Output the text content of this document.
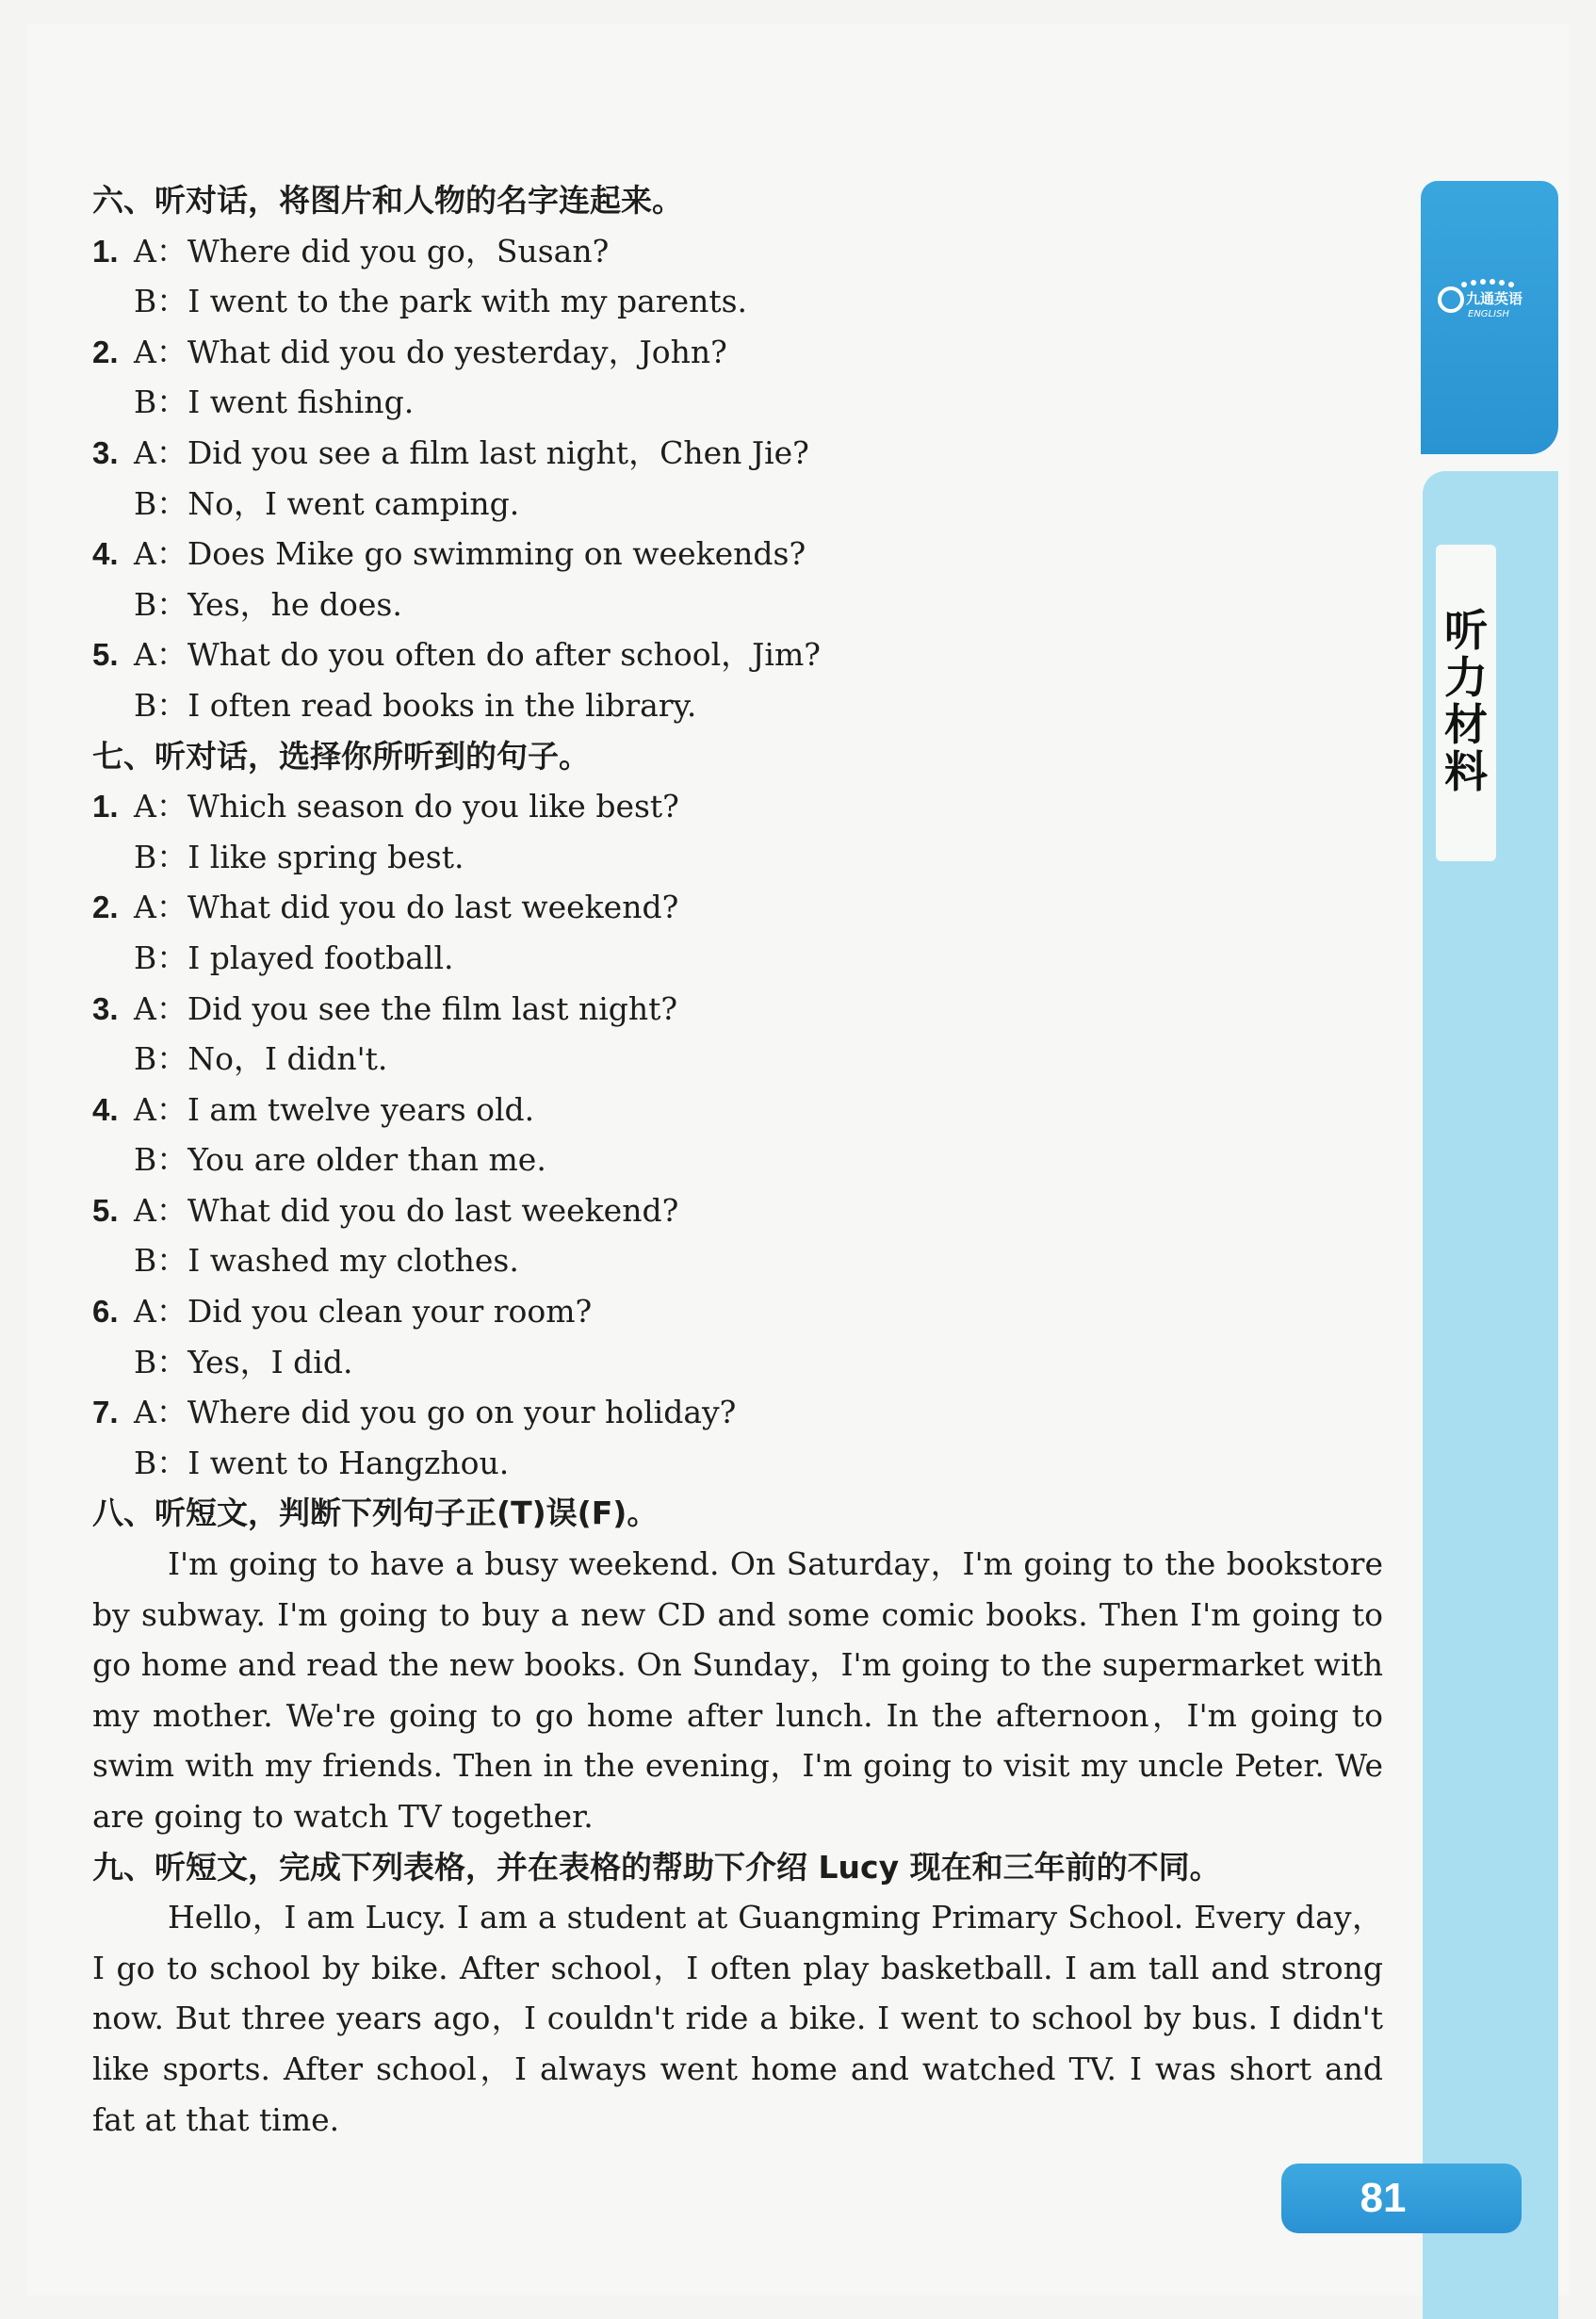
六、听对话，将图片和人物的名字连起来。
1. A：Where did you go，Susan?
B：I went to the park with my parents.
2. A：What did you do yesterday，John?
B：I went fishing.
3. A：Did you see a film last night，Chen Jie?
B：No，I went camping.
4. A：Does Mike go swimming on weekends?
B：Yes，he does.
5. A：What do you often do after school，Jim?
B：I often read books in the library.
七、听对话，选择你所听到的句子。
1. A：Which season do you like best?
B：I like spring best.
2. A：What did you do last weekend?
B：I played football.
3. A：Did you see the film last night?
B：No，I didn't.
4. A：I am twelve years old.
B：You are older than me.
5. A：What did you do last weekend?
B：I washed my clothes.
6. A：Did you clean your room?
B：Yes，I did.
7. A：Where did you go on your holiday?
B：I went to Hangzhou.
八、听短文，判断下列句子正(T)误(F)。

I'm going to have a busy weekend. On Saturday，I'm going to the bookstore by subway. I'm going to buy a new CD and some comic books. Then I'm going to go home and read the new books. On Sunday，I'm going to the supermarket with my mother. We're going to go home after lunch. In the afternoon，I'm going to swim with my friends. Then in the evening，I'm going to visit my uncle Peter. We are going to watch TV together.

九、听短文，完成下列表格，并在表格的帮助下介绍 Lucy 现在和三年前的不同。

Hello，I am Lucy. I am a student at Guangming Primary School. Every day，I go to school by bike. After school，I often play basketball. I am tall and strong now. But three years ago，I couldn't ride a bike. I went to school by bus. I didn't like sports. After school，I always went home and watched TV. I was short and fat at that time.

九通英语
ENGLISH
听
力
材
料
81
